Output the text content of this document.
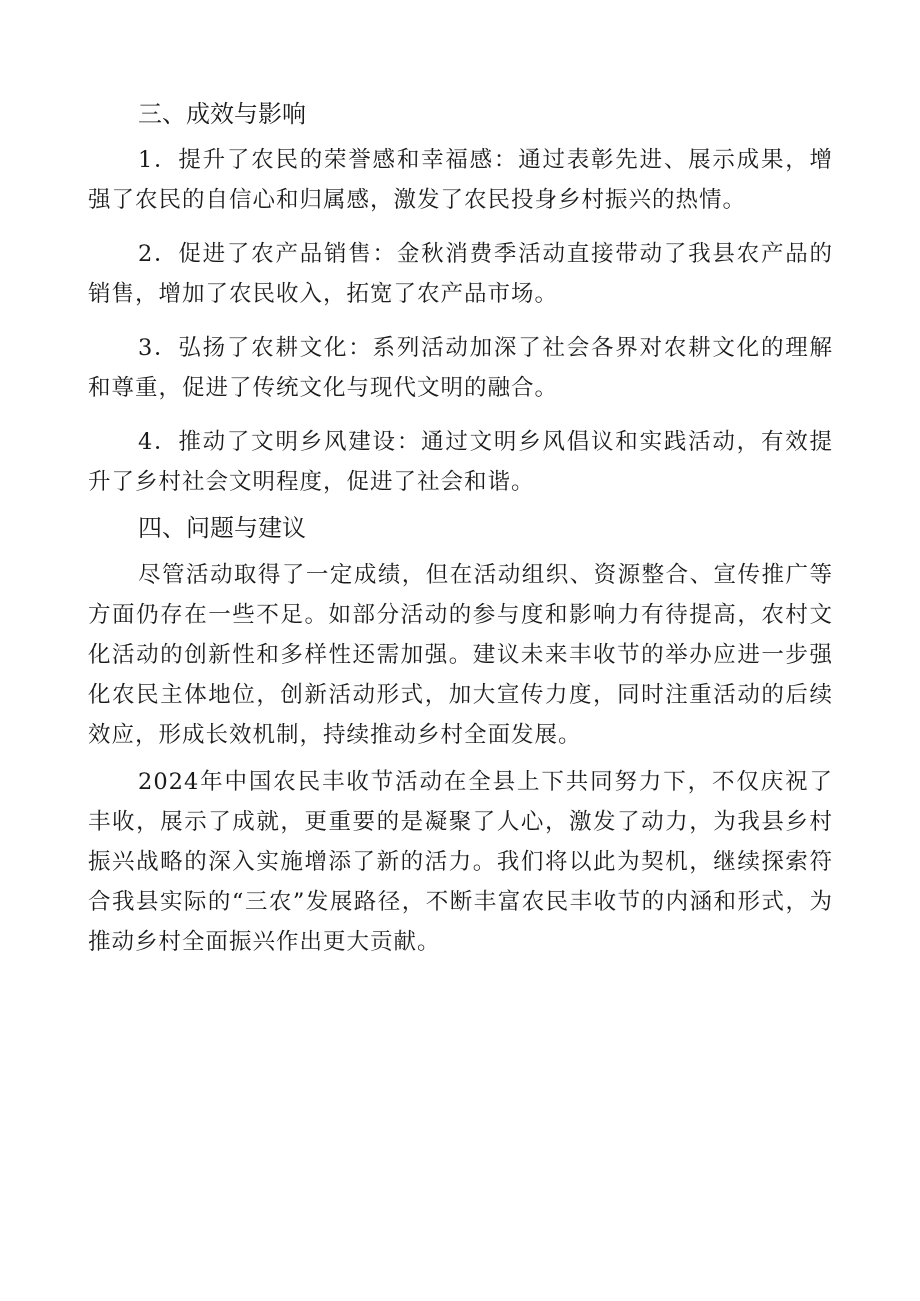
三、成效与影响

1．提升了农民的荣誉感和幸福感：通过表彰先进、展示成果，增强了农民的自信心和归属感，激发了农民投身乡村振兴的热情。

2．促进了农产品销售：金秋消费季活动直接带动了我县农产品的销售，增加了农民收入，拓宽了农产品市场。

3．弘扬了农耕文化：系列活动加深了社会各界对农耕文化的理解和尊重，促进了传统文化与现代文明的融合。

4．推动了文明乡风建设：通过文明乡风倡议和实践活动，有效提升了乡村社会文明程度，促进了社会和谐。

四、问题与建议

尽管活动取得了一定成绩，但在活动组织、资源整合、宣传推广等方面仍存在一些不足。如部分活动的参与度和影响力有待提高，农村文化活动的创新性和多样性还需加强。建议未来丰收节的举办应进一步强化农民主体地位，创新活动形式，加大宣传力度，同时注重活动的后续效应，形成长效机制，持续推动乡村全面发展。

2024年中国农民丰收节活动在全县上下共同努力下，不仅庆祝了丰收，展示了成就，更重要的是凝聚了人心，激发了动力，为我县乡村振兴战略的深入实施增添了新的活力。我们将以此为契机，继续探索符合我县实际的“三农”发展路径，不断丰富农民丰收节的内涵和形式，为推动乡村全面振兴作出更大贡献。
